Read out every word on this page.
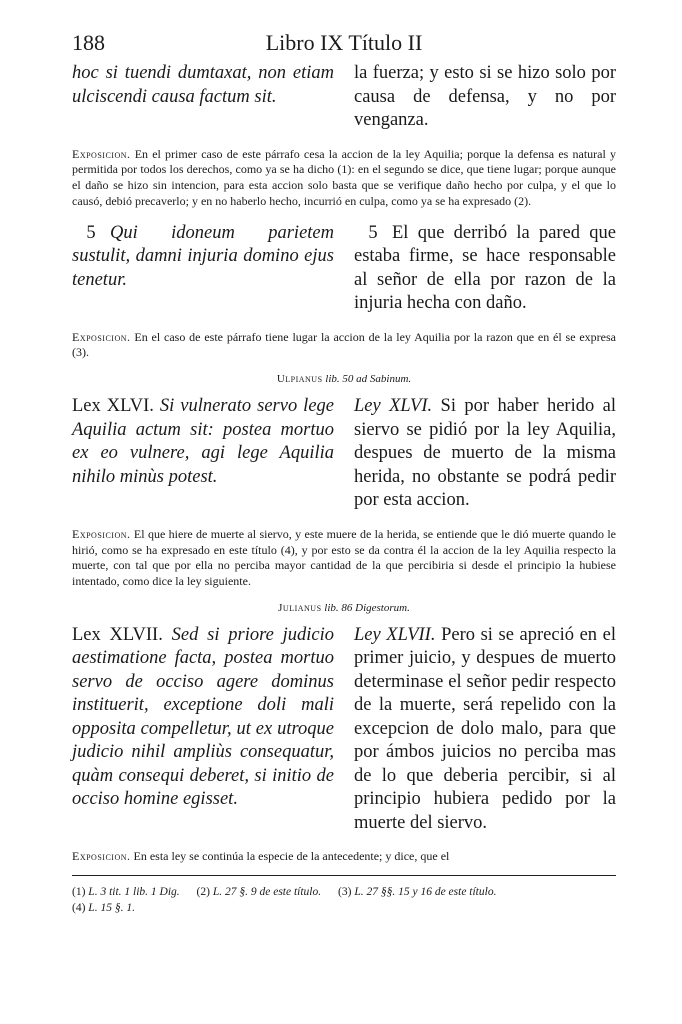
188	Libro IX Título II
hoc si tuendi dumtaxat, non etiam ulciscendi causa factum sit.
la fuerza; y esto si se hizo solo por causa de defensa, y no por venganza.
Exposicion. En el primer caso de este párrafo cesa la accion de la ley Aquilia; porque la defensa es natural y permitida por todos los derechos, como ya se ha dicho (1): en el segundo se dice, que tiene lugar; porque aunque el daño se hizo sin intencion, para esta accion solo basta que se verifique daño hecho por culpa, y el que lo causó, debió precaverlo; y en no haberlo hecho, incurrió en culpa, como ya se ha expresado (2).
5 Qui idoneum parietem sustulit, damni injuria domino ejus tenetur.
5 El que derribó la pared que estaba firme, se hace responsable al señor de ella por razon de la injuria hecha con daño.
Exposicion. En el caso de este párrafo tiene lugar la accion de la ley Aquilia por la razon que en él se expresa (3).
Ulpianus lib. 50 ad Sabinum.
Lex XLVI. Si vulnerato servo lege Aquilia actum sit: postea mortuo ex eo vulnere, agi lege Aquilia nihilo minùs potest.
Ley XLVI. Si por haber herido al siervo se pidió por la ley Aquilia, despues de muerto de la misma herida, no obstante se podrá pedir por esta accion.
Exposicion. El que hiere de muerte al siervo, y este muere de la herida, se entiende que le dió muerte quando le hirió, como se ha expresado en este título (4), y por esto se da contra él la accion de la ley Aquilia respecto la muerte, con tal que por ella no perciba mayor cantidad de la que percibiria si desde el principio la hubiese intentado, como dice la ley siguiente.
Julianus lib. 86 Digestorum.
Lex XLVII. Sed si priore judicio aestimatione facta, postea mortuo servo de occiso agere dominus instituerit, exceptione doli mali opposita compelletur, ut ex utroque judicio nihil ampliùs consequatur, quàm consequi deberet, si initio de occiso homine egisset.
Ley XLVII. Pero si se apreció en el primer juicio, y despues de muerto determinase el señor pedir respecto de la muerte, será repelido con la excepcion de dolo malo, para que por ámbos juicios no perciba mas de lo que deberia percibir, si al principio hubiera pedido por la muerte del siervo.
Exposicion. En esta ley se continúa la especie de la antecedente; y dice, que el
(1) L. 3 tit. 1 lib. 1 Dig. (2) L. 27 §. 9 de este título. (3) L. 27 §§. 15 y 16 de este título.
(4) L. 15 §. 1.
